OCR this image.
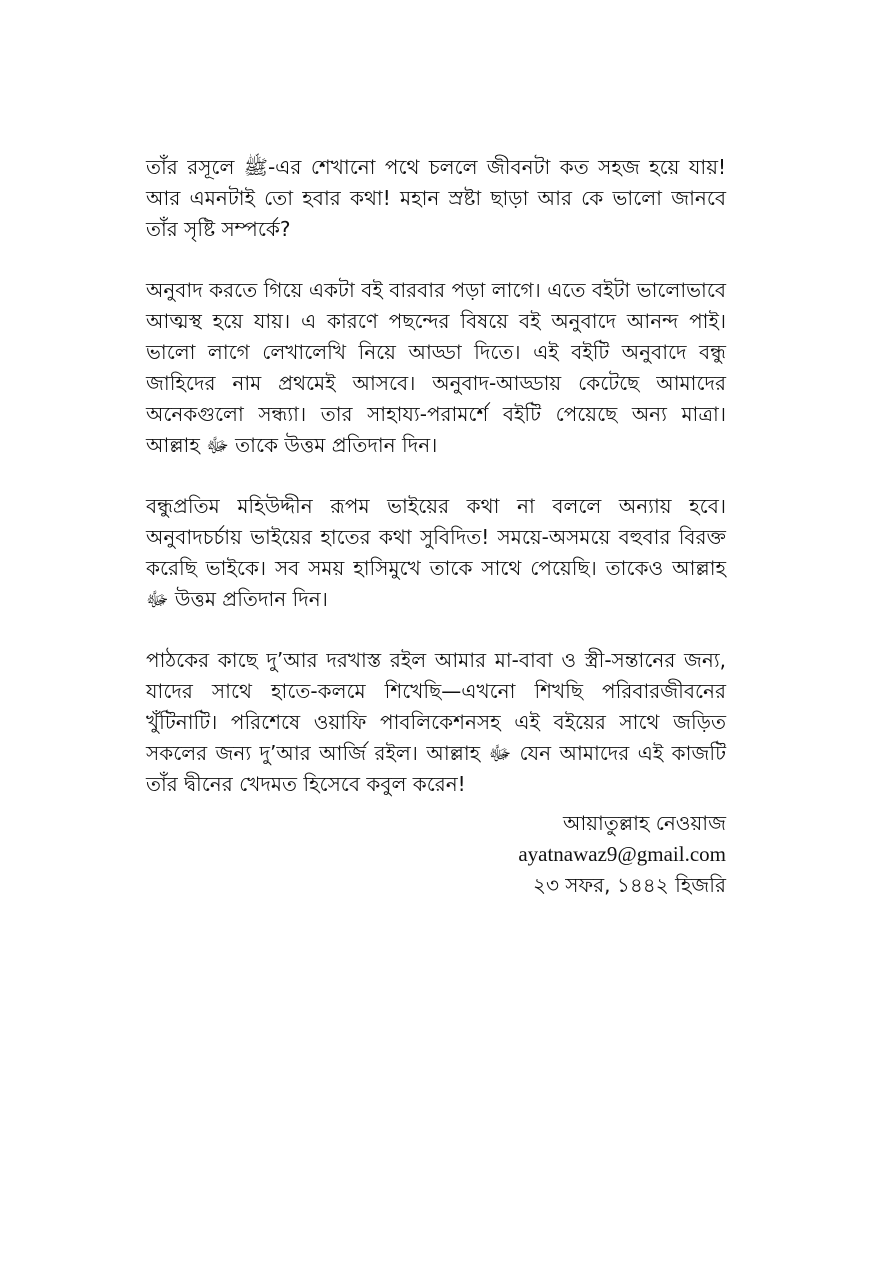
তাঁর রসূলে ﷺ-এর শেখানো পথে চললে জীবনটা কত সহজ হয়ে যায়! আর এমনটাই তো হবার কথা! মহান স্রষ্টা ছাড়া আর কে ভালো জানবে তাঁর সৃষ্টি সম্পর্কে?

অনুবাদ করতে গিয়ে একটা বই বারবার পড়া লাগে। এতে বইটা ভালোভাবে আত্মস্থ হয়ে যায়। এ কারণে পছন্দের বিষয়ে বই অনুবাদে আনন্দ পাই। ভালো লাগে লেখালেখি নিয়ে আড্ডা দিতে। এই বইটি অনুবাদে বন্ধু জাহিদের নাম প্রথমেই আসবে। অনুবাদ-আড্ডায় কেটেছে আমাদের অনেকগুলো সন্ধ্যা। তার সাহায্য-পরামর্শে বইটি পেয়েছে অন্য মাত্রা। আল্লাহ ﷻ তাকে উত্তম প্রতিদান দিন।

বন্ধুপ্রতিম মহিউদ্দীন রূপম ভাইয়ের কথা না বললে অন্যায় হবে। অনুবাদচর্চায় ভাইয়ের হাতের কথা সুবিদিত! সময়ে-অসময়ে বহুবার বিরক্ত করেছি ভাইকে। সব সময় হাসিমুখে তাকে সাথে পেয়েছি। তাকেও আল্লাহ ﷻ উত্তম প্রতিদান দিন।

পাঠকের কাছে দু’আর দরখাস্ত রইল আমার মা-বাবা ও স্ত্রী-সন্তানের জন্য, যাদের সাথে হাতে-কলমে শিখেছি—এখনো শিখছি পরিবারজীবনের খুঁটিনাটি। পরিশেষে ওয়াফি পাবলিকেশনসহ এই বইয়ের সাথে জড়িত সকলের জন্য দু’আর আর্জি রইল। আল্লাহ ﷻ যেন আমাদের এই কাজটি তাঁর দ্বীনের খেদমত হিসেবে কবুল করেন!

আয়াতুল্লাহ নেওয়াজ
ayatnawaz9@gmail.com
২৩ সফর, ১৪৪২ হিজরি
